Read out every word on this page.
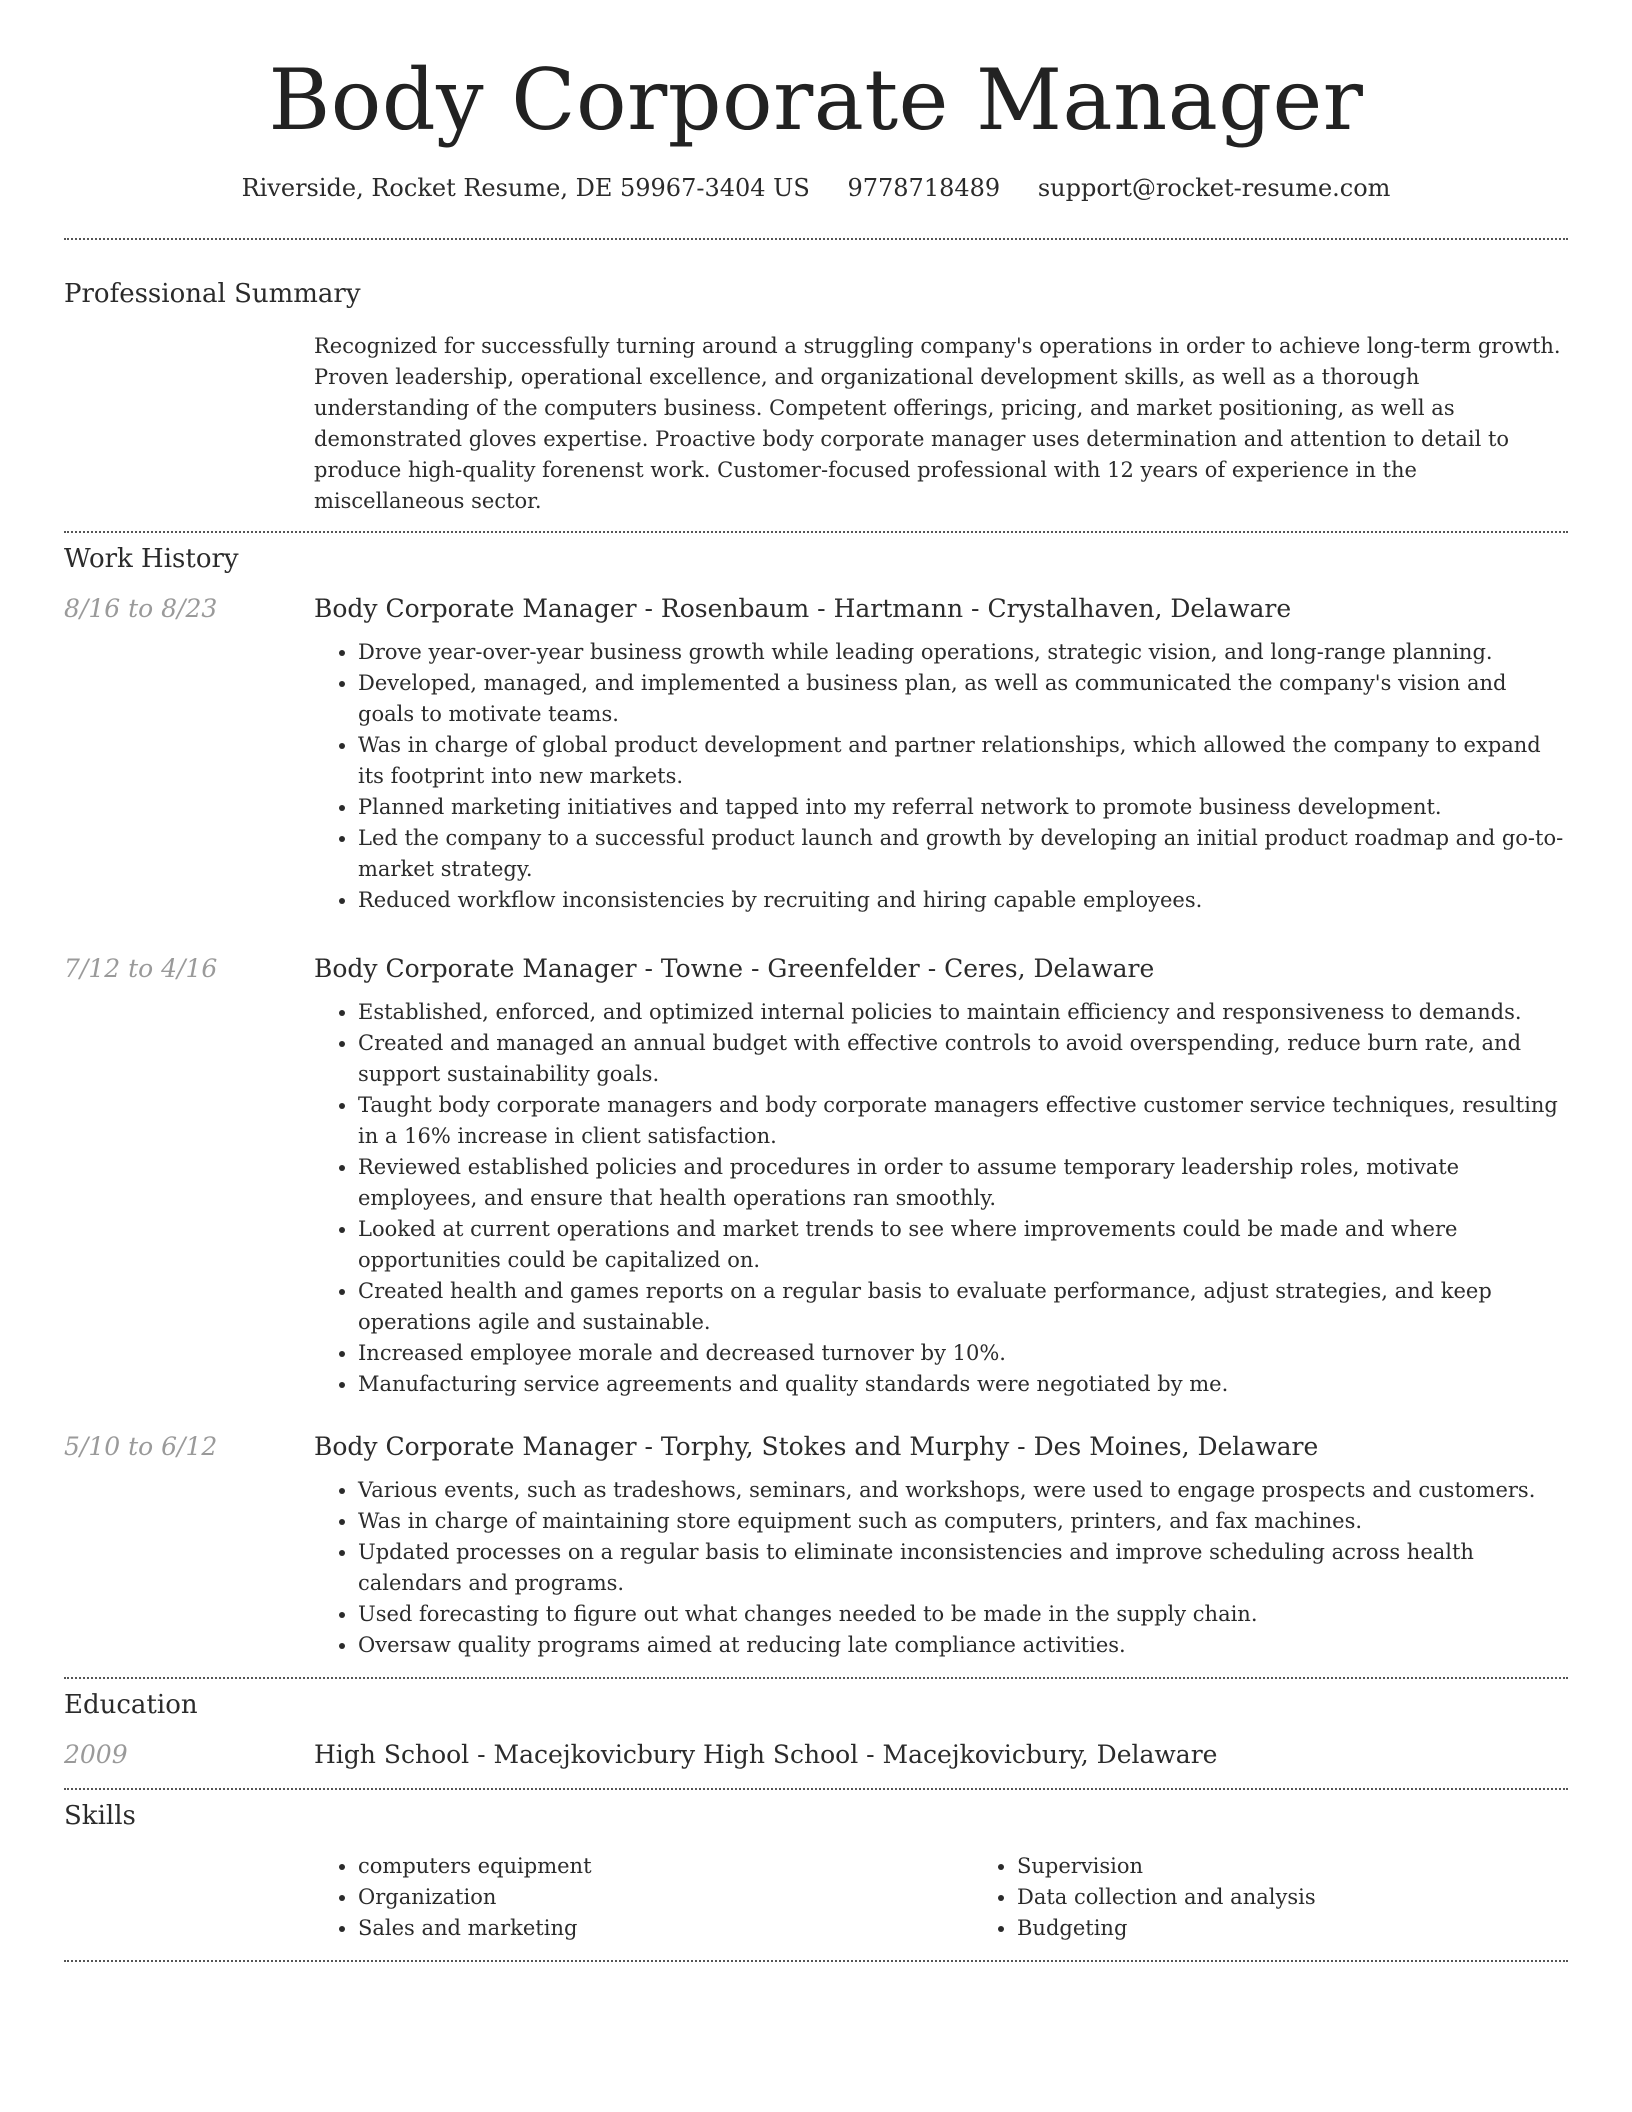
Body Corporate Manager
Riverside, Rocket Resume, DE 59967-3404 US 9778718489 support@rocket-resume.com
Professional Summary

Recognized for successfully turning around a struggling company's operations in order to achieve long-term growth. Proven leadership, operational excellence, and organizational development skills, as well as a thorough understanding of the computers business. Competent offerings, pricing, and market positioning, as well as demonstrated gloves expertise. Proactive body corporate manager uses determination and attention to detail to produce high-quality forenenst work. Customer-focused professional with 12 years of experience in the miscellaneous sector.

Work History
8/16 to 8/23	Body Corporate Manager - Rosenbaum - Hartmann - Crystalhaven, Delaware
• Drove year-over-year business growth while leading operations, strategic vision, and long-range planning.
• Developed, managed, and implemented a business plan, as well as communicated the company's vision and goals to motivate teams.
• Was in charge of global product development and partner relationships, which allowed the company to expand its footprint into new markets.
• Planned marketing initiatives and tapped into my referral network to promote business development.
• Led the company to a successful product launch and growth by developing an initial product roadmap and go-to-market strategy.
• Reduced workflow inconsistencies by recruiting and hiring capable employees.
7/12 to 4/16	Body Corporate Manager - Towne - Greenfelder - Ceres, Delaware
• Established, enforced, and optimized internal policies to maintain efficiency and responsiveness to demands.
• Created and managed an annual budget with effective controls to avoid overspending, reduce burn rate, and support sustainability goals.
• Taught body corporate managers and body corporate managers effective customer service techniques, resulting in a 16% increase in client satisfaction.
• Reviewed established policies and procedures in order to assume temporary leadership roles, motivate employees, and ensure that health operations ran smoothly.
• Looked at current operations and market trends to see where improvements could be made and where opportunities could be capitalized on.
• Created health and games reports on a regular basis to evaluate performance, adjust strategies, and keep operations agile and sustainable.
• Increased employee morale and decreased turnover by 10%.
• Manufacturing service agreements and quality standards were negotiated by me.
5/10 to 6/12	Body Corporate Manager - Torphy, Stokes and Murphy - Des Moines, Delaware
• Various events, such as tradeshows, seminars, and workshops, were used to engage prospects and customers.
• Was in charge of maintaining store equipment such as computers, printers, and fax machines.
• Updated processes on a regular basis to eliminate inconsistencies and improve scheduling across health calendars and programs.
• Used forecasting to figure out what changes needed to be made in the supply chain.
• Oversaw quality programs aimed at reducing late compliance activities.
Education
2009	High School - Macejkovicbury High School - Macejkovicbury, Delaware
Skills
• computers equipment
• Organization
• Sales and marketing
• Supervision
• Data collection and analysis
• Budgeting
